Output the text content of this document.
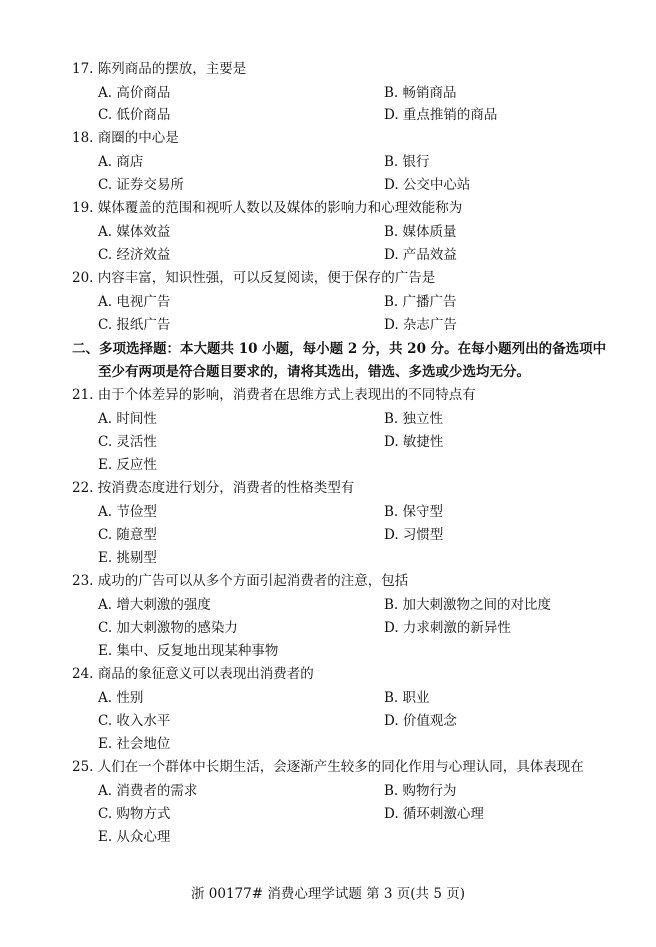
17. 陈列商品的摆放，主要是
A. 高价商品	B. 畅销商品
C. 低价商品	D. 重点推销的商品
18. 商圈的中心是
A. 商店	B. 银行
C. 证券交易所	D. 公交中心站
19. 媒体覆盖的范围和视听人数以及媒体的影响力和心理效能称为
A. 媒体效益	B. 媒体质量
C. 经济效益	D. 产品效益
20. 内容丰富，知识性强，可以反复阅读，便于保存的广告是
A. 电视广告	B. 广播广告
C. 报纸广告	D. 杂志广告
二、多项选择题：本大题共 10 小题，每小题 2 分，共 20 分。在每小题列出的备选项中
至少有两项是符合题目要求的，请将其选出，错选、多选或少选均无分。
21. 由于个体差异的影响，消费者在思维方式上表现出的不同特点有
A. 时间性	B. 独立性
C. 灵活性	D. 敏捷性
E. 反应性
22. 按消费态度进行划分，消费者的性格类型有
A. 节俭型	B. 保守型
C. 随意型	D. 习惯型
E. 挑剔型
23. 成功的广告可以从多个方面引起消费者的注意，包括
A. 增大刺激的强度	B. 加大刺激物之间的对比度
C. 加大刺激物的感染力	D. 力求刺激的新异性
E. 集中、反复地出现某种事物
24. 商品的象征意义可以表现出消费者的
A. 性别	B. 职业
C. 收入水平	D. 价值观念
E. 社会地位
25. 人们在一个群体中长期生活，会逐渐产生较多的同化作用与心理认同，具体表现在
A. 消费者的需求	B. 购物行为
C. 购物方式	D. 循环刺激心理
E. 从众心理
浙 00177# 消费心理学试题 第 3 页(共 5 页)
